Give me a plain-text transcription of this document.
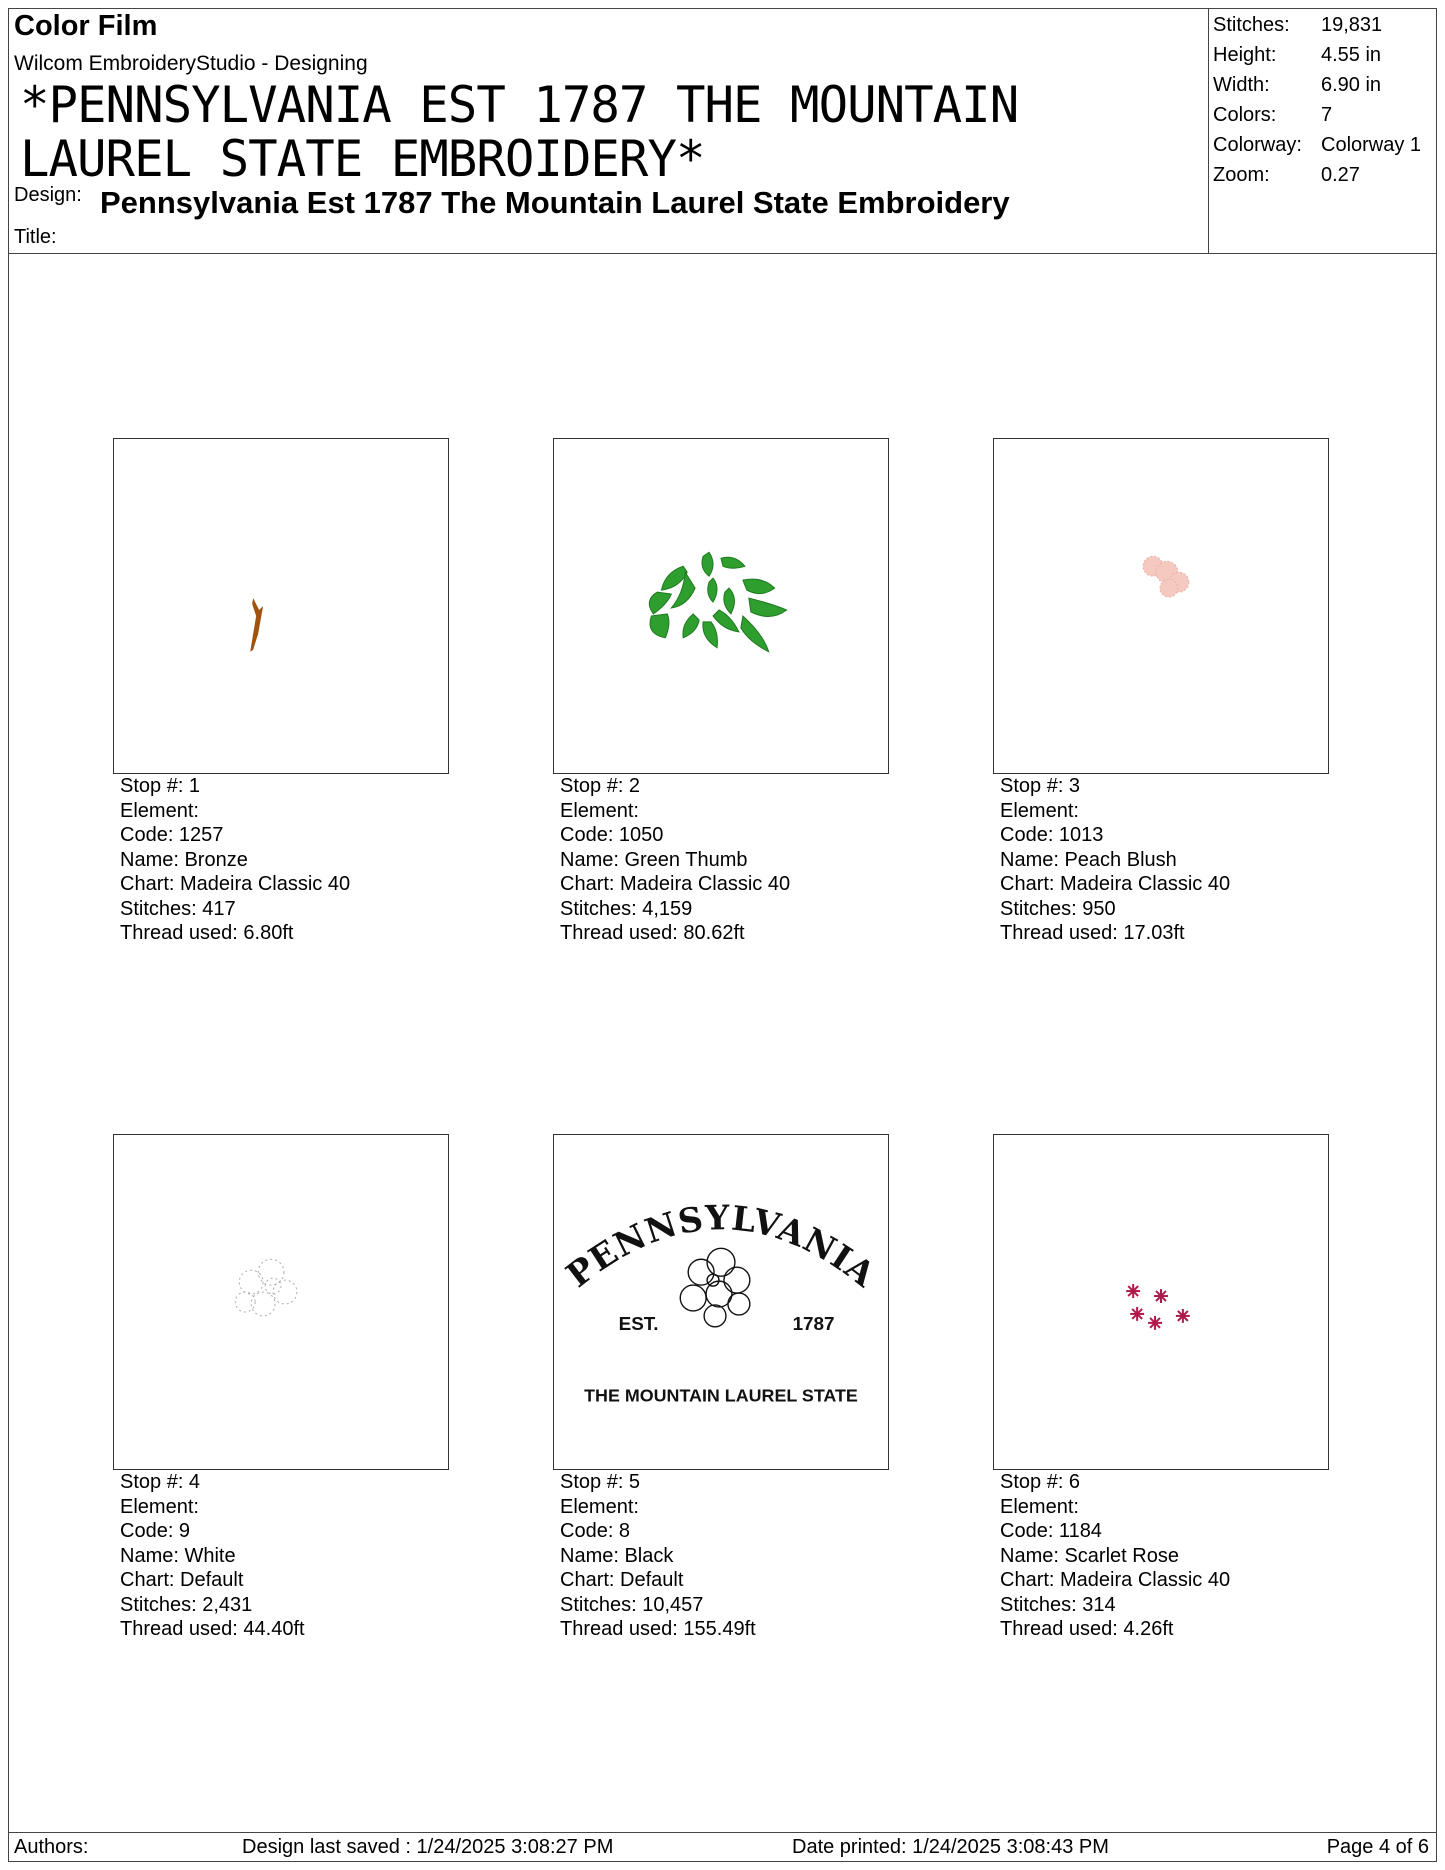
Color Film
Wilcom EmbroideryStudio - Designing
*PENNSYLVANIA EST 1787 THE MOUNTAIN LAUREL STATE EMBROIDERY*
Design: Pennsylvania Est 1787 The Mountain Laurel State Embroidery
Title:
Stitches:	19,831
Height:	4.55 in
Width:	6.90 in
Colors:	7
Colorway: Colorway 1
Zoom:	0.27
Stop #: 1
Element:
Code: 1257
Name: Bronze
Chart: Madeira Classic 40
Stitches: 417
Thread used: 6.80ft
Stop #: 2
Element:
Code: 1050
Name: Green Thumb
Chart: Madeira Classic 40
Stitches: 4,159
Thread used: 80.62ft
Stop #: 3
Element:
Code: 1013
Name: Peach Blush
Chart: Madeira Classic 40
Stitches: 950
Thread used: 17.03ft
Stop #: 4
Element:
Code: 9
Name: White
Chart: Default
Stitches: 2,431
Thread used: 44.40ft
PENNSYLVANIA
EST.	1787
THE MOUNTAIN LAUREL STATE
Stop #: 5
Element:
Code: 8
Name: Black
Chart: Default
Stitches: 10,457
Thread used: 155.49ft
Stop #: 6
Element:
Code: 1184
Name: Scarlet Rose
Chart: Madeira Classic 40
Stitches: 314
Thread used: 4.26ft
Authors:	Design last saved : 1/24/2025 3:08:27 PM	Date printed: 1/24/2025 3:08:43 PM	Page 4 of 6
